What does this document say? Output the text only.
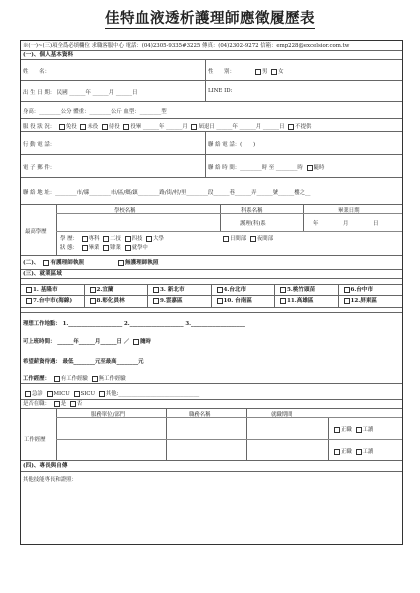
佳特血液透析護理師應徵履歷表
※(一)~(三)項全爲必填欄位 求職客服中心 電話：(04)2305-9335#3225 傳真：(04)2302-9272 信箱：emp228@excelsior.com.tw
(一)、個人基本資料
姓　　名：	性　　別：	男 女
出 生 日 期： 民國 ______年 ______月 ______日	LINE ID:
身高：________公分 體重：________公斤 血型：________型
服 役 狀 況： 免役 未役 待役 役畢 ______年 ______月 屆退日 ______年 ______月 ______日 不提供
行 動 電 話：	聯 絡 電 話：(　　)
電 子 郵 件：	聯 絡 時 間：________時 至 ________時 隨時
聯 絡 地 址：________市/縣________市/區/鄉/鎮________路/街/村/里________段______巷______弄______號______樓之__
學校名稱	科系名稱	畢業日期
最高學歷
護理(科)系	年	月	日
學 歷： 專科 二技 四技 大學	日間部 夜間部
狀 態： 畢業 肄業 就學中
(二)、 有護理師執照	無護理師執照
(三)、就業區域
1. 基隆市	2.宜蘭	3. 新北市	4.台北市	5.桃竹頭苗	6.台中市
7.台中市(海線)	8.彰化員林	9.雲嘉區	10. 台南區	11.高雄區	12.屏東區
理想工作地點： 1.____________________ 2.____________________ 3.____________________
可上班時間： ______年______月______日 ／ 隨時
希望薪資待遇： 最低________元至最高________元
工作經歷： 有工作經驗 無工作經驗
急診 MICU SICU 其他:______________________________
是否在職： 是 否
服務單位/部門	職務名稱	就職期間
工作經歷
正職 工讀
正職 工讀
(四)、專長與自傳
其他技能專長和證照：
